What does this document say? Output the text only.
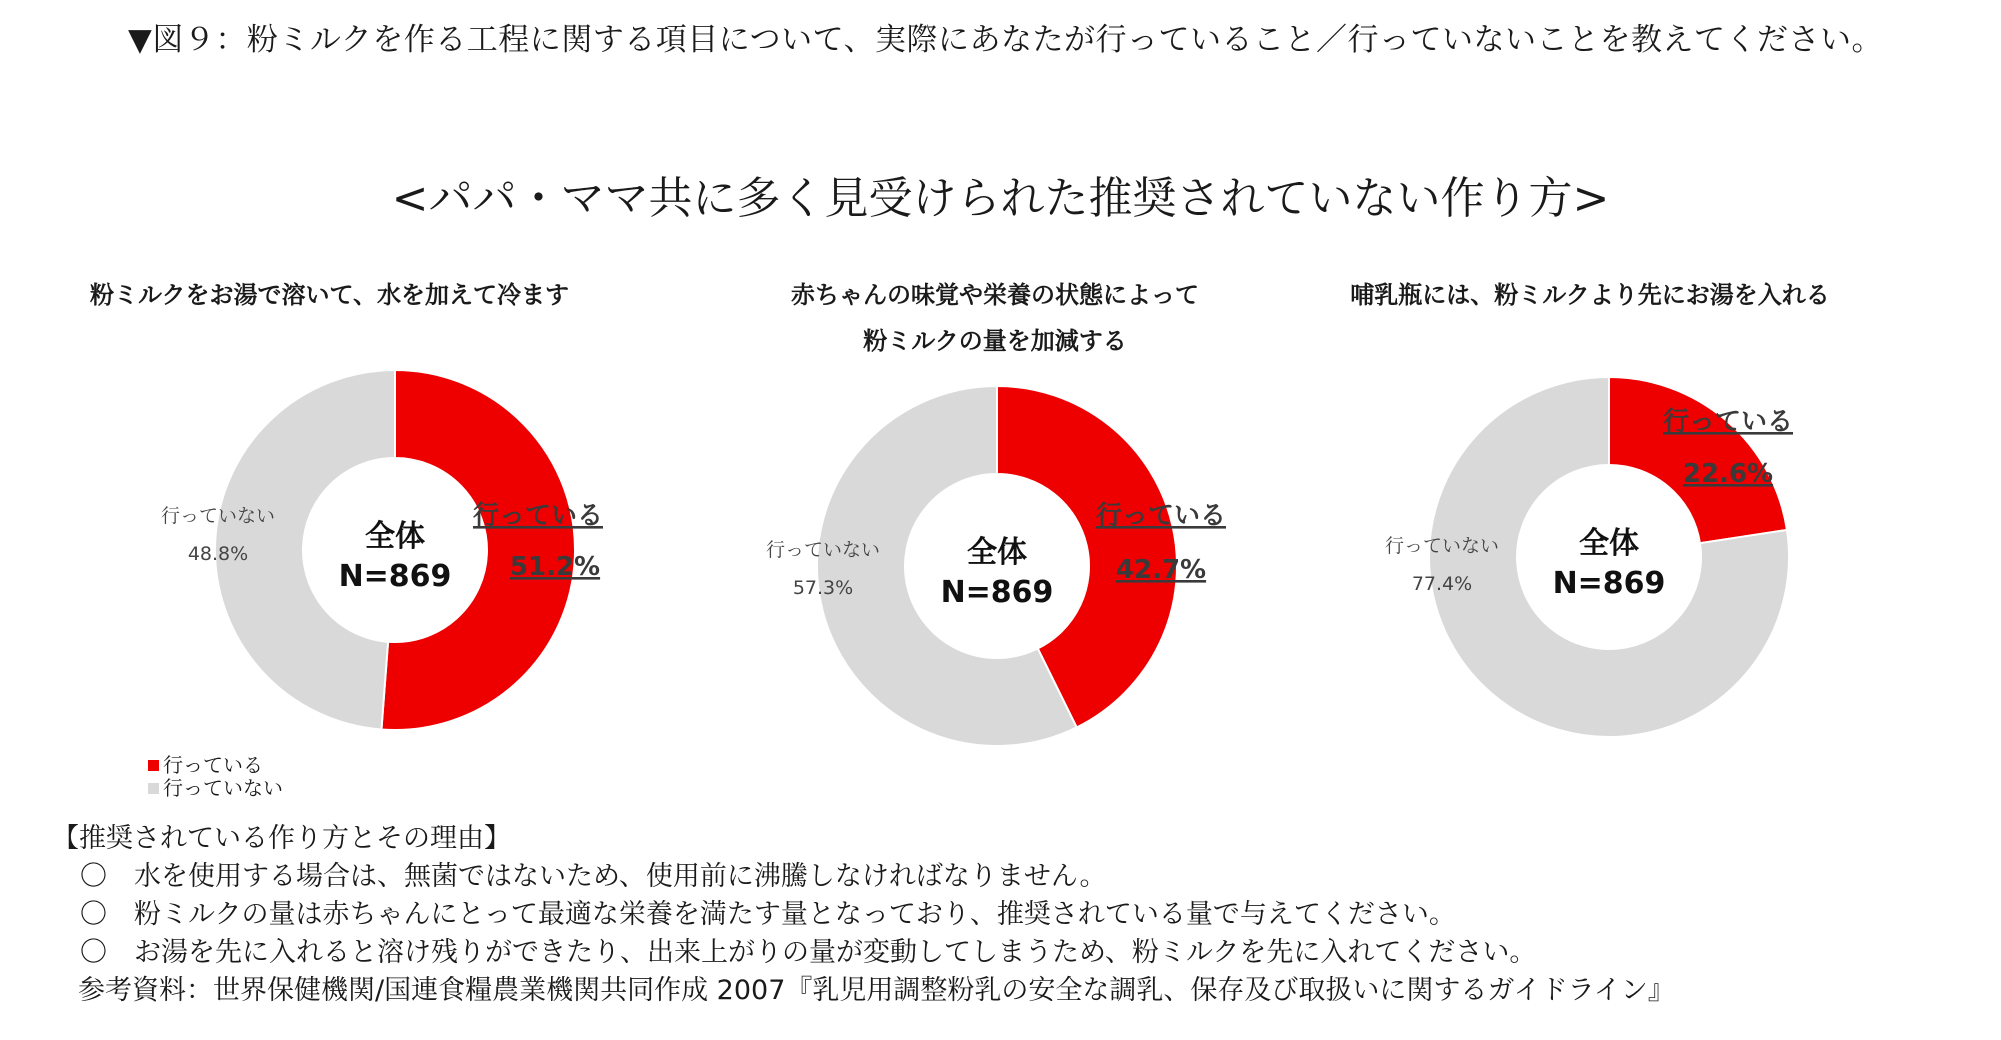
▼図９：粉ミルクを作る工程に関する項目について、実際にあなたが行っていること／行っていないことを教えてください。
<パパ・ママ共に多く見受けられた推奨されていない作り方>
粉ミルクをお湯で溶いて、水を加えて冷ます
全体
N=869
行っている
51.2%
行っていない
48.8%
赤ちゃんの味覚や栄養の状態によって
粉ミルクの量を加減する
全体
N=869
行っている
42.7%
行っていない
57.3%
哺乳瓶には、粉ミルクより先にお湯を入れる
全体
N=869
行っている
22.6%
行っていない
77.4%
行っている
行っていない
【推奨されている作り方とその理由】
〇 水を使用する場合は、無菌ではないため、使用前に沸騰しなければなりません。
〇 粉ミルクの量は赤ちゃんにとって最適な栄養を満たす量となっており、推奨されている量で与えてください。
〇 お湯を先に入れると溶け残りができたり、出来上がりの量が変動してしまうため、粉ミルクを先に入れてください。
参考資料：世界保健機関/国連食糧農業機関共同作成 2007『乳児用調整粉乳の安全な調乳、保存及び取扱いに関するガイドライン』
